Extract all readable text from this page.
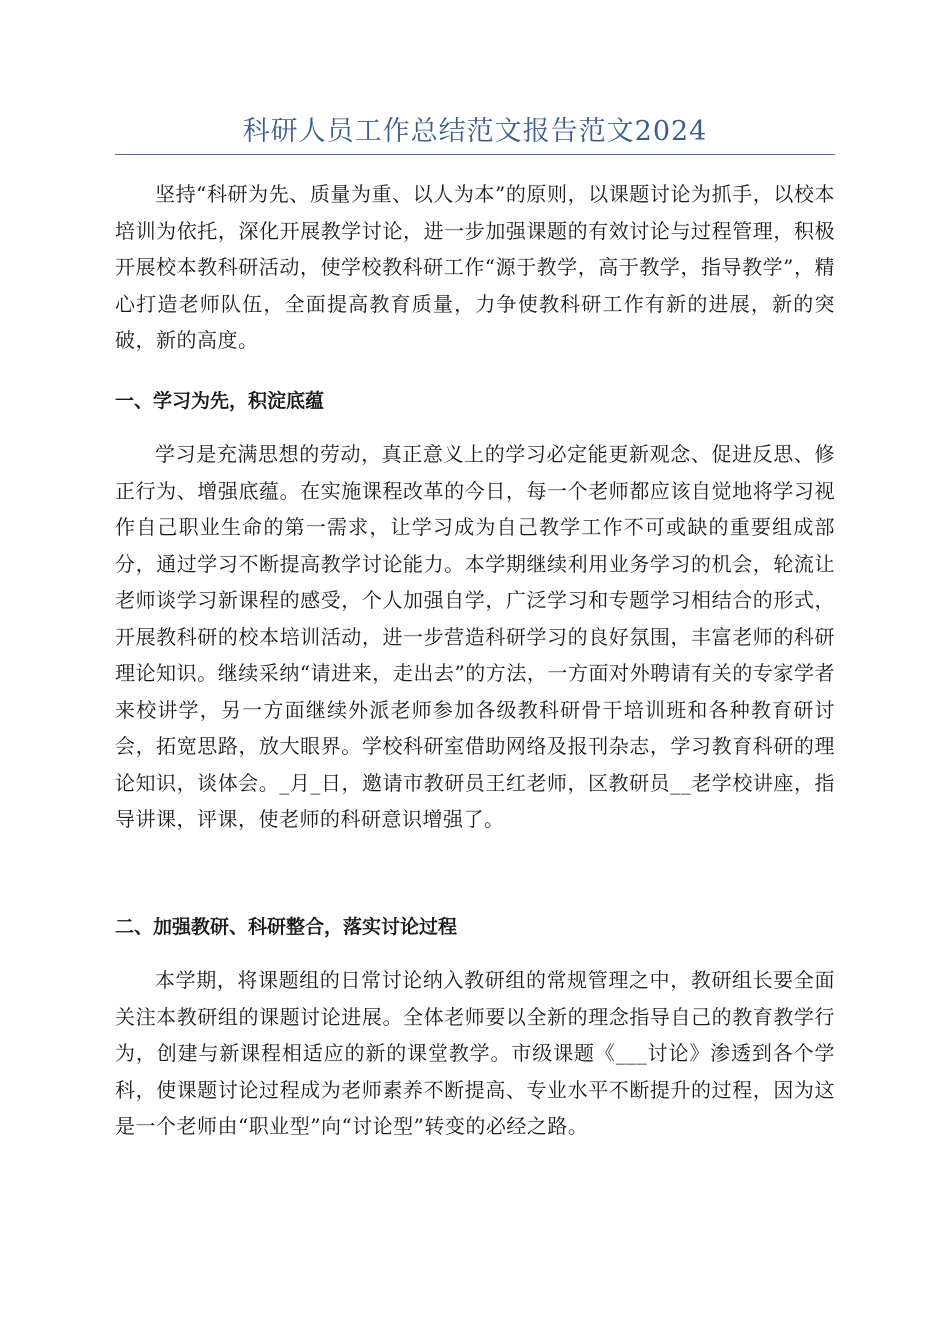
科研人员工作总结范文报告范文2024

坚持“科研为先、质量为重、以人为本”的原则，以课题讨论为抓手，以校本培训为依托，深化开展教学讨论，进一步加强课题的有效讨论与过程管理，积极开展校本教科研活动，使学校教科研工作“源于教学，高于教学，指导教学”，精心打造老师队伍，全面提高教育质量，力争使教科研工作有新的进展，新的突破，新的高度。

一、学习为先，积淀底蕴

学习是充满思想的劳动，真正意义上的学习必定能更新观念、促进反思、修正行为、增强底蕴。在实施课程改革的今日，每一个老师都应该自觉地将学习视作自己职业生命的第一需求，让学习成为自己教学工作不可或缺的重要组成部分，通过学习不断提高教学讨论能力。本学期继续利用业务学习的机会，轮流让老师谈学习新课程的感受，个人加强自学，广泛学习和专题学习相结合的形式，开展教科研的校本培训活动，进一步营造科研学习的良好氛围，丰富老师的科研理论知识。继续采纳“请进来，走出去”的方法，一方面对外聘请有关的专家学者来校讲学，另一方面继续外派老师参加各级教科研骨干培训班和各种教育研讨会，拓宽思路，放大眼界。学校科研室借助网络及报刊杂志，学习教育科研的理论知识，谈体会。_月_日，邀请市教研员王红老师，区教研员__老学校讲座，指导讲课，评课，使老师的科研意识增强了。

二、加强教研、科研整合，落实讨论过程

本学期，将课题组的日常讨论纳入教研组的常规管理之中，教研组长要全面关注本教研组的课题讨论进展。全体老师要以全新的理念指导自己的教育教学行为，创建与新课程相适应的新的课堂教学。市级课题《___讨论》渗透到各个学科，使课题讨论过程成为老师素养不断提高、专业水平不断提升的过程，因为这是一个老师由“职业型”向“讨论型”转变的必经之路。
